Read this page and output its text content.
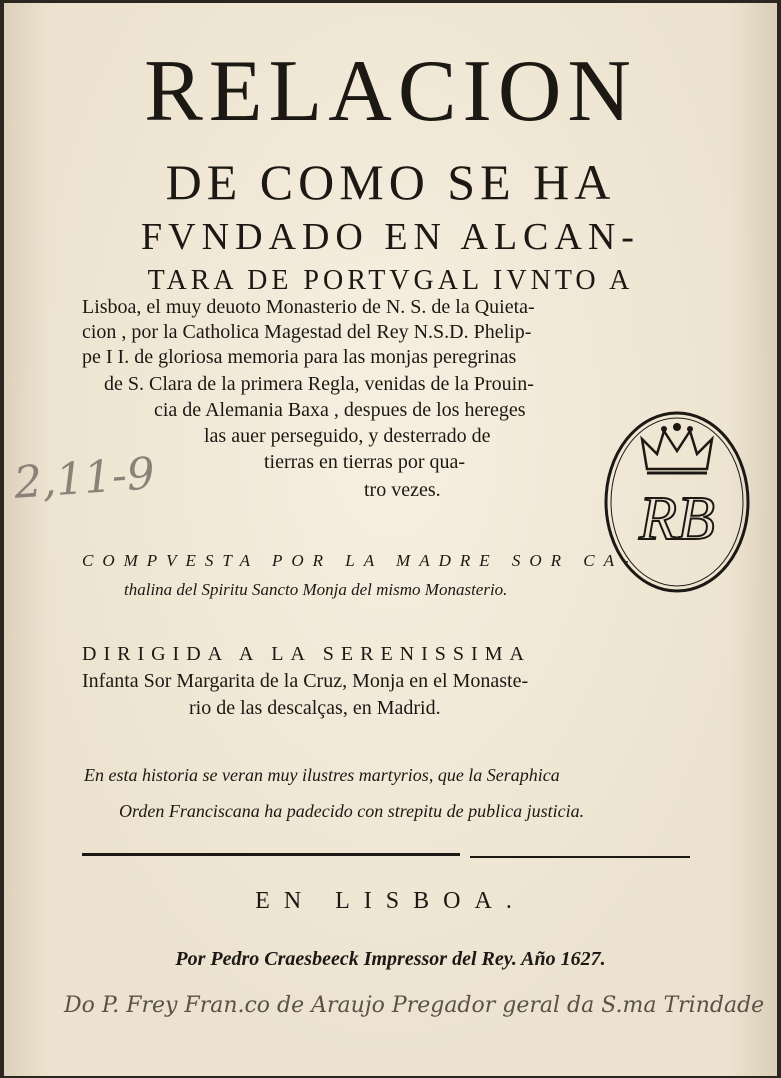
RELACION
DE COMO SE HA
FVNDADO EN ALCAN-
TARA DE PORTVGAL IVNTO A
Lisboa, el muy deuoto Monasterio de N. S. de la Quieta-
cion , por la Catholica Magestad del Rey N.S.D. Phelip-
pe I I. de gloriosa memoria para las monjas peregrinas
de S. Clara de la primera Regla, venidas de la Prouin-
cia de Alemania Baxa , despues de los hereges
las auer perseguido, y desterrado de
tierras en tierras por qua-
tro vezes.
2,11-9
RB
COMPVESTA POR LA MADRE SOR CA-
thalina del Spiritu Sancto Monja del mismo Monasterio.
DIRIGIDA A LA SERENISSIMA
Infanta Sor Margarita de la Cruz, Monja en el Monaste-
rio de las descalças, en Madrid.
En esta historia se veran muy ilustres martyrios, que la Seraphica
Orden Franciscana ha padecido con strepitu de publica justicia.
EN LISBOA.
Por Pedro Craesbeeck Impressor del Rey. Año 1627.
Do P. Frey Fran.co de Araujo Pregador geral da S.ma Trindade
